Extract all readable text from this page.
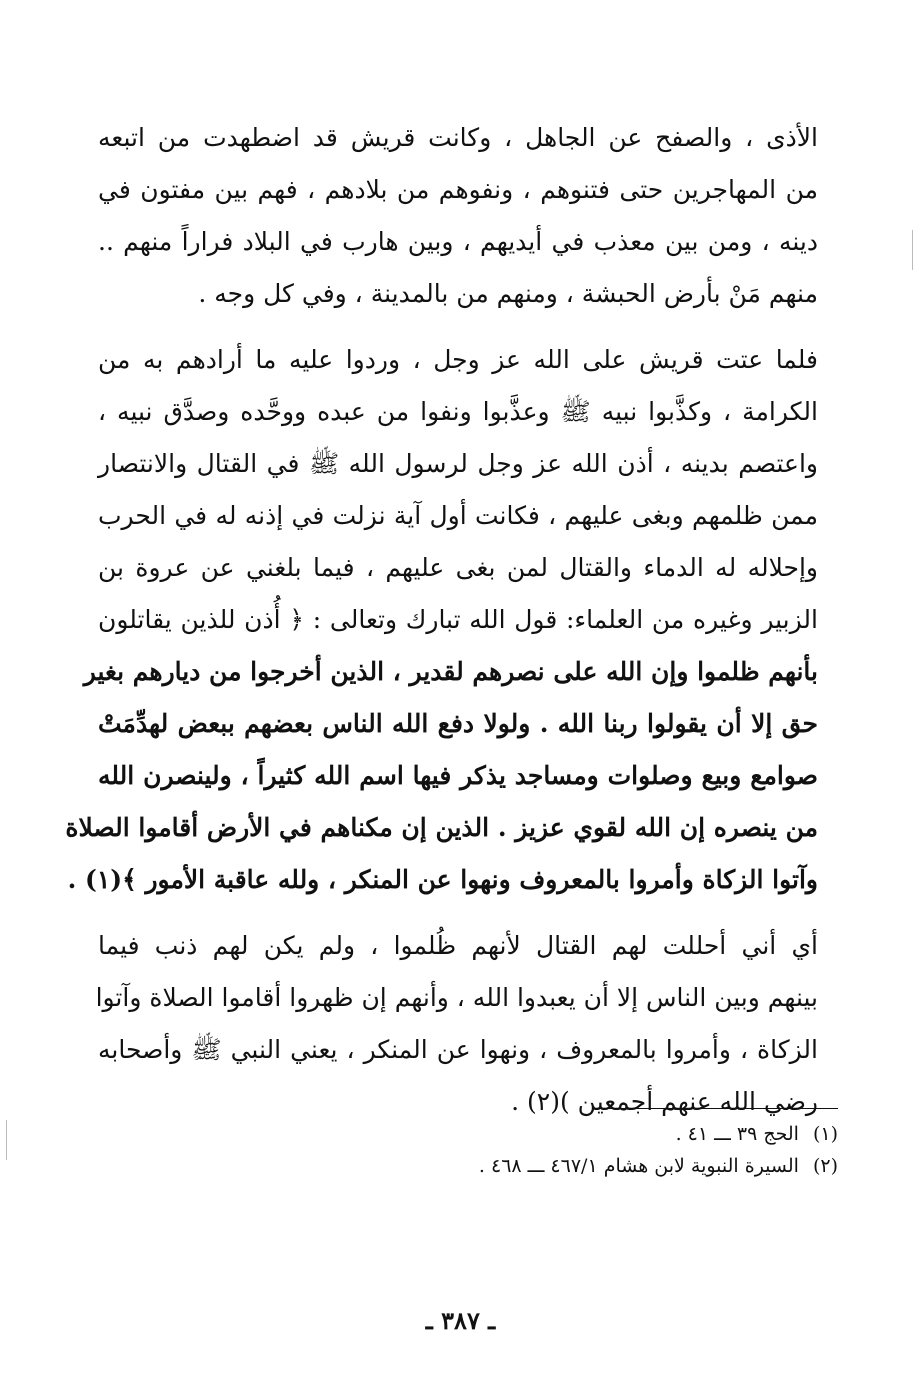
الأذى ، والصفح عن الجاهل ، وكانت قريش قد اضطهدت من اتبعه
من المهاجرين حتى فتنوهم ، ونفوهم من بلادهم ، فهم بين مفتون في
دينه ، ومن بين معذب في أيديهم ، وبين هارب في البلاد فراراً منهم ..
منهم مَنْ بأرض الحبشة ، ومنهم من بالمدينة ، وفي كل وجه .
فلما عتت قريش على الله عز وجل ، وردوا عليه ما أرادهم به من
الكرامة ، وكذَّبوا نبيه ﷺ وعذَّبوا ونفوا من عبده ووحَّده وصدَّق نبيه ،
واعتصم بدينه ، أذن الله عز وجل لرسول الله ﷺ في القتال والانتصار
ممن ظلمهم وبغى عليهم ، فكانت أول آية نزلت في إذنه له في الحرب
وإحلاله له الدماء والقتال لمن بغى عليهم ، فيما بلغني عن عروة بن
الزبير وغيره من العلماء: قول الله تبارك وتعالى : ﴿ أُذن للذين يقاتلون
بأنهم ظلموا وإن الله على نصرهم لقدير ، الذين أخرجوا من ديارهم بغير
حق إلا أن يقولوا ربنا الله . ولولا دفع الله الناس بعضهم ببعض لهدِّمَتْ
صوامع وبيع وصلوات ومساجد يذكر فيها اسم الله كثيراً ، ولينصرن الله
من ينصره إن الله لقوي عزيز . الذين إن مكناهم في الأرض أقاموا الصلاة
وآتوا الزكاة وأمروا بالمعروف ونهوا عن المنكر ، ولله عاقبة الأمور ﴾(١) .
أي أني أحللت لهم القتال لأنهم ظُلموا ، ولم يكن لهم ذنب فيما
بينهم وبين الناس إلا أن يعبدوا الله ، وأنهم إن ظهروا أقاموا الصلاة وآتوا
الزكاة ، وأمروا بالمعروف ، ونهوا عن المنكر ، يعني النبي ﷺ وأصحابه
رضي الله عنهم أجمعين )(٢) .
(١)الحج ٣٩ ـــ ٤١ .
(٢)السيرة النبوية لابن هشام ٤٦٧/١ ـــ ٤٦٨ .
ـ ٣٨٧ ـ
